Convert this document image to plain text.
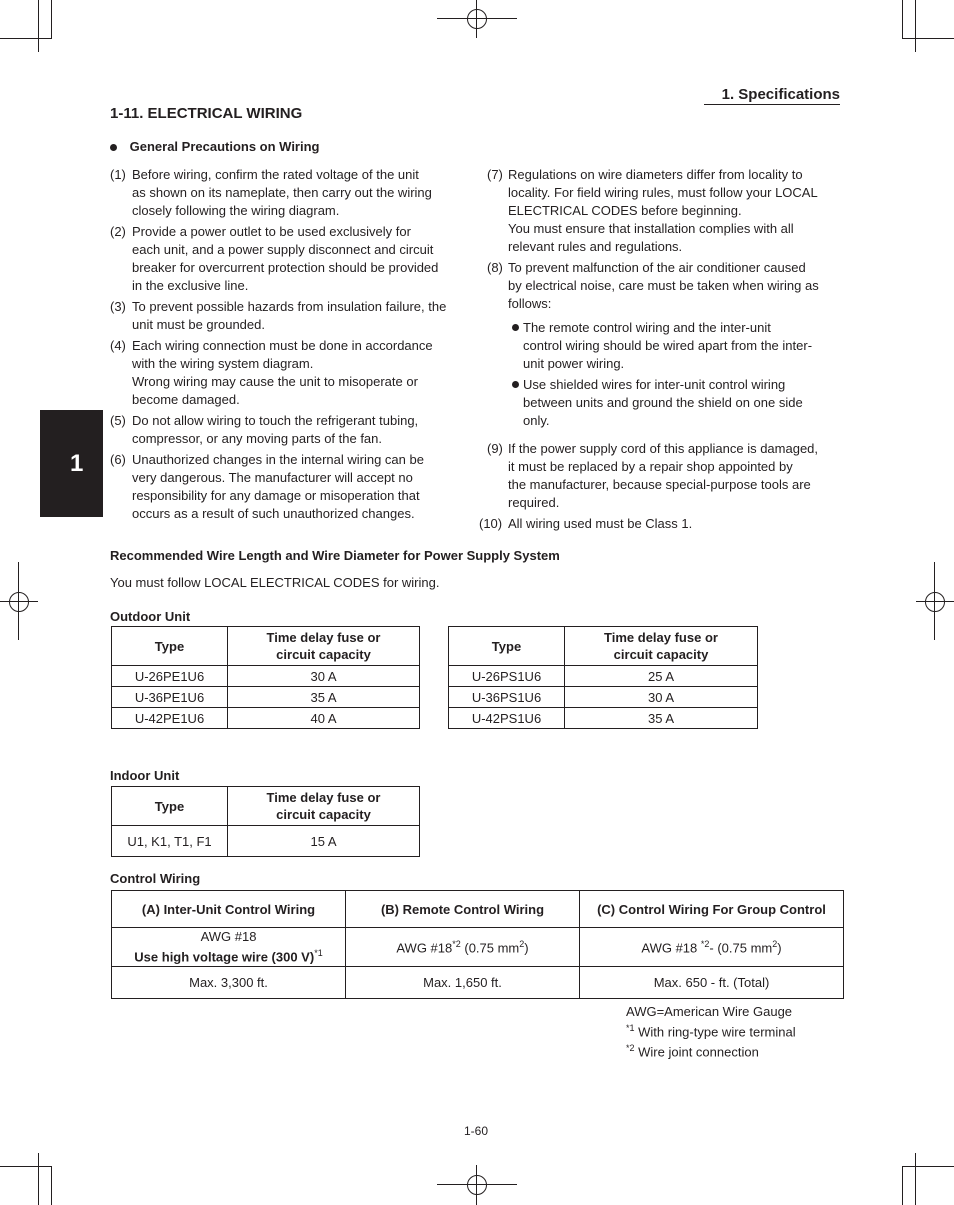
1. Specifications
1-11. ELECTRICAL WIRING
1
General Precautions on Wiring
(1) Before wiring, confirm the rated voltage of the unit
as shown on its nameplate, then carry out the wiring
closely following the wiring diagram.
(2) Provide a power outlet to be used exclusively for
each unit, and a power supply disconnect and circuit
breaker for overcurrent protection should be provided
in the exclusive line.
(3) To prevent possible hazards from insulation failure, the
unit must be grounded.
(4) Each wiring connection must be done in accordance
with the wiring system diagram.
Wrong wiring may cause the unit to misoperate or
become damaged.
(5) Do not allow wiring to touch the refrigerant tubing,
compressor, or any moving parts of the fan.
(6) Unauthorized changes in the internal wiring can be
very dangerous. The manufacturer will accept no
responsibility for any damage or misoperation that
occurs as a result of such unauthorized changes.
(7) Regulations on wire diameters differ from locality to
locality. For field wiring rules, must follow your LOCAL
ELECTRICAL CODES before beginning.
You must ensure that installation complies with all
relevant rules and regulations.
(8) To prevent malfunction of the air conditioner caused
by electrical noise, care must be taken when wiring as
follows:
The remote control wiring and the inter-unit
control wiring should be wired apart from the inter-
unit power wiring.
Use shielded wires for inter-unit control wiring
between units and ground the shield on one side
only.
(9) If the power supply cord of this appliance is damaged,
it must be replaced by a repair shop appointed by
the manufacturer, because special-purpose tools are
required.
(10) All wiring used must be Class 1.
Recommended Wire Length and Wire Diameter for Power Supply System
You must follow LOCAL ELECTRICAL CODES for wiring.
Outdoor Unit
Type	Time delay fuse or
circuit capacity
U-26PE1U6	30 A
U-36PE1U6	35 A
U-42PE1U6	40 A
Type	Time delay fuse or
circuit capacity
U-26PS1U6	25 A
U-36PS1U6	30 A
U-42PS1U6	35 A
Indoor Unit
Type	Time delay fuse or
circuit capacity
U1, K1, T1, F1	15 A
Control Wiring
(A) Inter-Unit Control Wiring	(B) Remote Control Wiring	(C) Control Wiring For Group Control
AWG #18
Use high voltage wire (300 V)$^{*1}$	AWG #18$^{*2}$ (0.75 $mm^2$)	AWG #18 $^{*2}$- (0.75 $mm^2$)
Max. 3,300 ft.	Max. 1,650 ft.	Max. 650 - ft. (Total)
AWG=American Wire Gauge
$^{*1}$ With ring-type wire terminal
$^{*2}$ Wire joint connection
1-60
